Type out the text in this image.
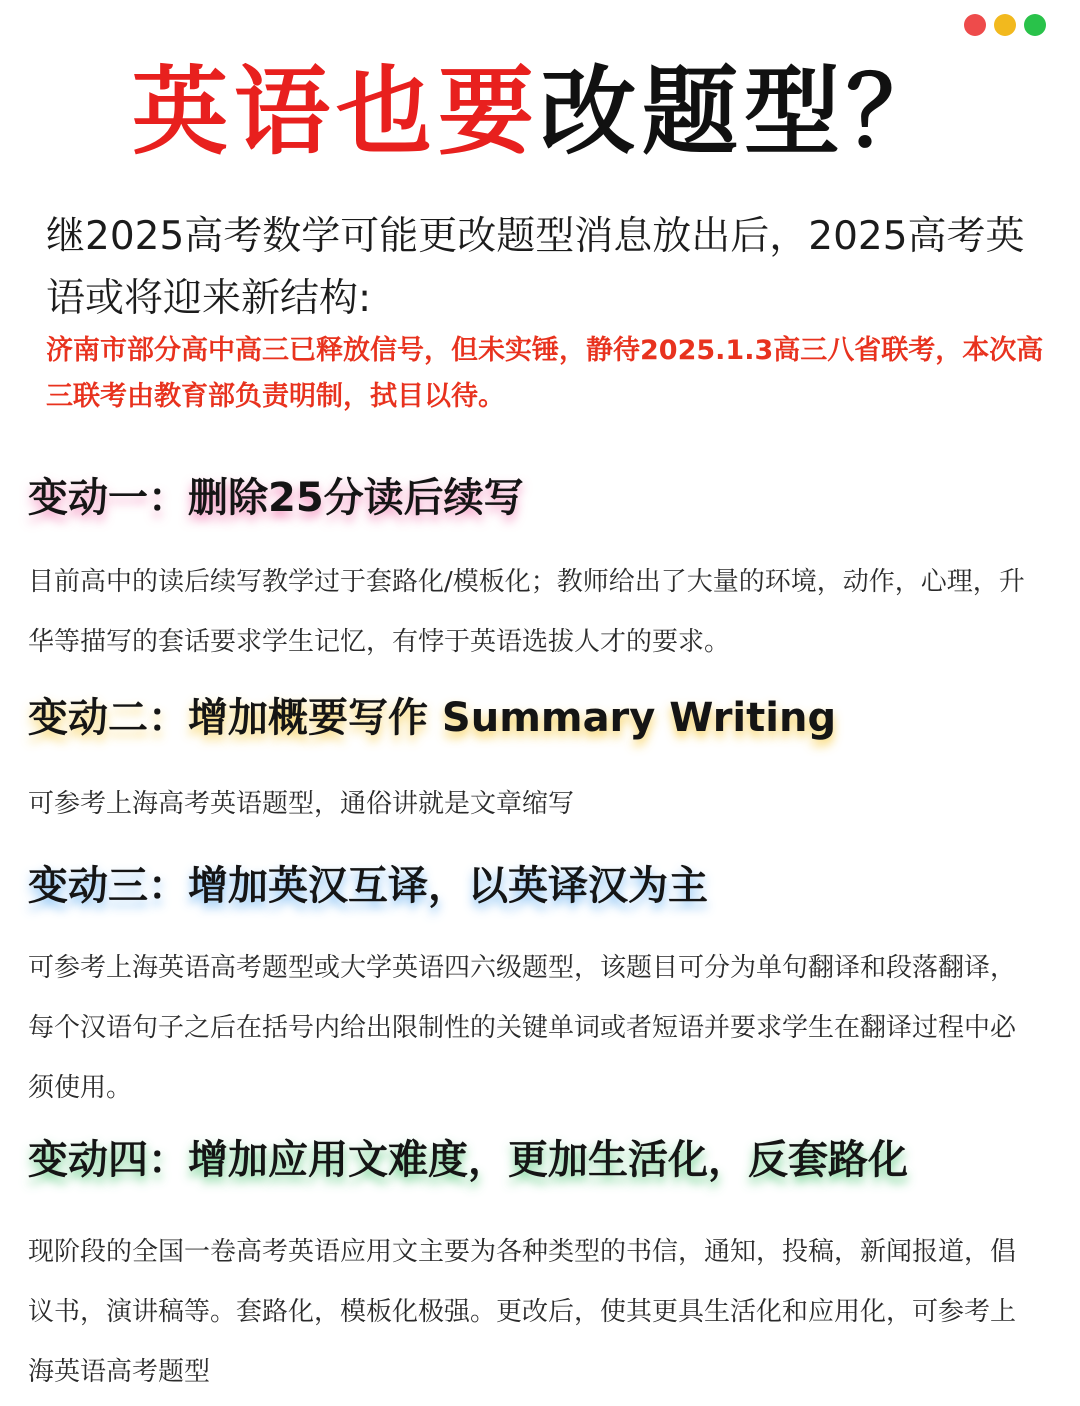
英语也要改题型？
继2025高考数学可能更改题型消息放出后，2025高考英语或将迎来新结构:
济南市部分高中高三已释放信号，但未实锤，静待2025.1.3高三八省联考，本次高三联考由教育部负责明制，拭目以待。
变动一：删除25分读后续写
目前高中的读后续写教学过于套路化/模板化；教师给出了大量的环境，动作，心理，升华等描写的套话要求学生记忆，有悖于英语选拔人才的要求。
变动二：增加概要写作 Summary Writing
可参考上海高考英语题型，通俗讲就是文章缩写
变动三：增加英汉互译，以英译汉为主
可参考上海英语高考题型或大学英语四六级题型，该题目可分为单句翻译和段落翻译，每个汉语句子之后在括号内给出限制性的关键单词或者短语并要求学生在翻译过程中必须使用。
变动四：增加应用文难度，更加生活化，反套路化
现阶段的全国一卷高考英语应用文主要为各种类型的书信，通知，投稿，新闻报道，倡议书，演讲稿等。套路化，模板化极强。更改后，使其更具生活化和应用化，可参考上海英语高考题型
